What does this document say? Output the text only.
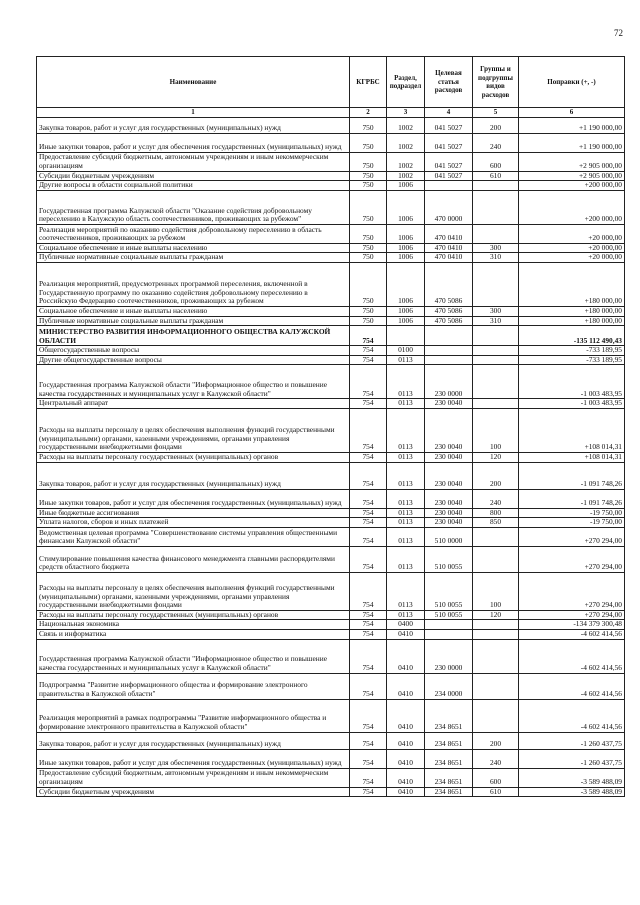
72
Наименование	КГРБС	Раздел, подраздел	Целевая статья расходов	Группы и подгруппы видов расходов	Поправки (+, -)
1	2	3	4	5	6
Закупка товаров, работ и услуг для государственных (муниципальных) нужд	750	1002	041 5027	200	+1 190 000,00
Иные закупки товаров, работ и услуг для обеспечения государственных (муниципальных) нужд	750	1002	041 5027	240	+1 190 000,00
Предоставление субсидий бюджетным, автономным учреждениям и иным некоммерческим организациям	750	1002	041 5027	600	+2 905 000,00
Субсидии бюджетным учреждениям	750	1002	041 5027	610	+2 905 000,00
Другие вопросы в области социальной политики	750	1006			+200 000,00
Государственная программа Калужской области "Оказание содействия добровольному переселению в Калужскую область соотечественников, проживающих за рубежом"	750	1006	470 0000		+200 000,00
Реализация мероприятий по оказанию содействия добровольному переселению в область соотечественников, проживающих за рубежом	750	1006	470 0410		+20 000,00
Социальное обеспечение и иные выплаты населению	750	1006	470 0410	300	+20 000,00
Публичные нормативные социальные выплаты гражданам	750	1006	470 0410	310	+20 000,00
Реализация мероприятий, предусмотренных программой переселения, включенной в Государственную программу по оказанию содействия добровольному переселению в Российскую Федерацию соотечественников, проживающих за рубежом	750	1006	470 5086		+180 000,00
Социальное обеспечение и иные выплаты населению	750	1006	470 5086	300	+180 000,00
Публичные нормативные социальные выплаты гражданам	750	1006	470 5086	310	+180 000,00
МИНИСТЕРСТВО РАЗВИТИЯ ИНФОРМАЦИОННОГО ОБЩЕСТВА КАЛУЖСКОЙ ОБЛАСТИ	754				-135 112 490,43
Общегосударственные вопросы	754	0100			-733 189,95
Другие общегосударственные вопросы	754	0113			-733 189,95
Государственная программа Калужской области "Информационное общество и повышение качества государственных и муниципальных услуг в Калужской области"	754	0113	230 0000		-1 003 483,95
Центральный аппарат	754	0113	230 0040		-1 003 483,95
Расходы на выплаты персоналу в целях обеспечения выполнения функций государственными (муниципальными) органами, казенными учреждениями, органами управления государственными внебюджетными фондами	754	0113	230 0040	100	+108 014,31
Расходы на выплаты персоналу государственных (муниципальных) органов	754	0113	230 0040	120	+108 014,31
Закупка товаров, работ и услуг для государственных (муниципальных) нужд	754	0113	230 0040	200	-1 091 748,26
Иные закупки товаров, работ и услуг для обеспечения государственных (муниципальных) нужд	754	0113	230 0040	240	-1 091 748,26
Иные бюджетные ассигнования	754	0113	230 0040	800	-19 750,00
Уплата налогов, сборов и иных платежей	754	0113	230 0040	850	-19 750,00
Ведомственная целевая программа "Совершенствование системы управления общественными финансами Калужской области"	754	0113	510 0000		+270 294,00
Стимулирование повышения качества финансового менеджмента главными распорядителями средств областного бюджета	754	0113	510 0055		+270 294,00
Расходы на выплаты персоналу в целях обеспечения выполнения функций государственными (муниципальными) органами, казенными учреждениями, органами управления государственными внебюджетными фондами	754	0113	510 0055	100	+270 294,00
Расходы на выплаты персоналу государственных (муниципальных) органов	754	0113	510 0055	120	+270 294,00
Национальная экономика	754	0400			-134 379 300,48
Связь и информатика	754	0410			-4 602 414,56
Государственная программа Калужской области "Информационное общество и повышение качества государственных и муниципальных услуг в Калужской области"	754	0410	230 0000		-4 602 414,56
Подпрограмма "Развитие информационного общества и формирование электронного правительства в Калужской области"	754	0410	234 0000		-4 602 414,56
Реализация мероприятий в рамках подпрограммы "Развитие информационного общества и формирование электронного правительства в Калужской области"	754	0410	234 8651		-4 602 414,56
Закупка товаров, работ и услуг для государственных (муниципальных) нужд	754	0410	234 8651	200	-1 260 437,75
Иные закупки товаров, работ и услуг для обеспечения государственных (муниципальных) нужд	754	0410	234 8651	240	-1 260 437,75
Предоставление субсидий бюджетным, автономным учреждениям и иным некоммерческим организациям	754	0410	234 8651	600	-3 589 488,09
Субсидии бюджетным учреждениям	754	0410	234 8651	610	-3 589 488,09
